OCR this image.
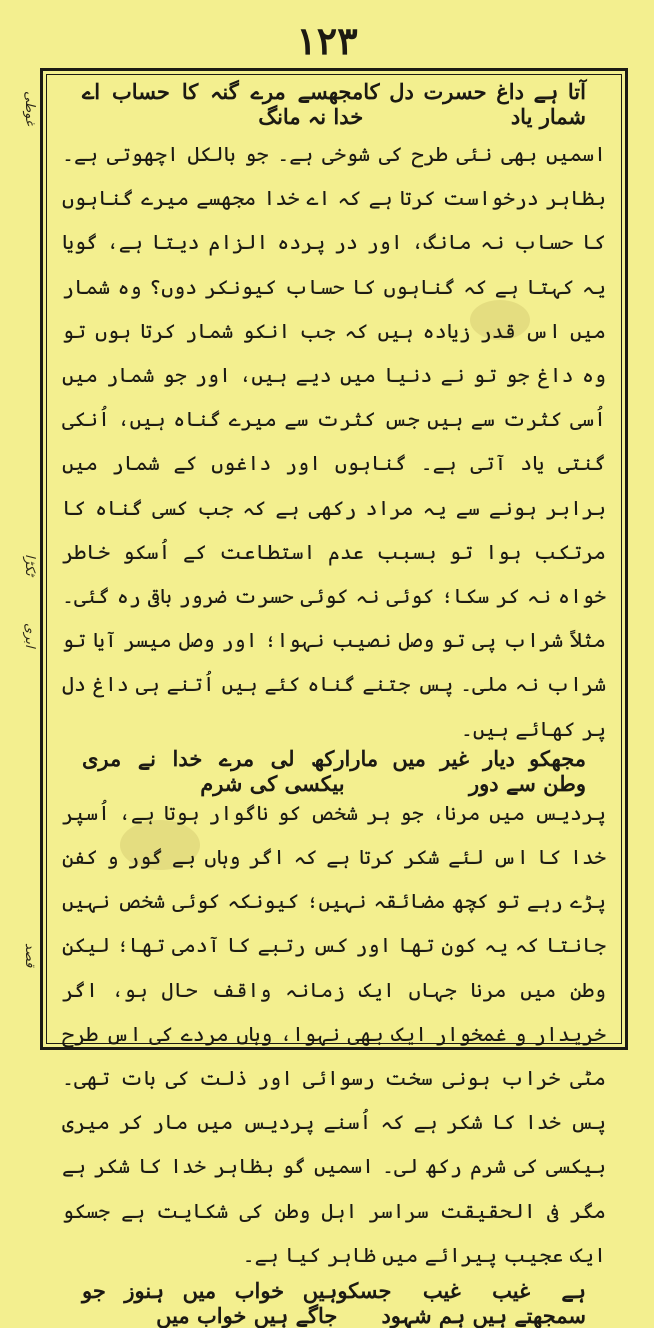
۱۲۳
غوطی
ٹکڑا
ابری
قصد
آتا ہے داغ حسرت دل کا شمار یاد
مجھسے مرے گنہ کا حساب اے خدا نہ مانگ

اسمیں بھی نئی طرح کی شوخی ہے۔ جو بالکل اچھوتی ہے۔ بظاہر درخواست کرتا ہے کہ اے خدا مجھسے میرے گناہوں کا حساب نہ مانگ، اور در پردہ الزام دیتا ہے، گویا یہ کہتا ہے کہ گناہوں کا حساب کیونکر دوں؟ وہ شمار میں اس قدر زیادہ ہیں کہ جب انکو شمار کرتا ہوں تو وہ داغ جو تو نے دنیا میں دیے ہیں، اور جو شمار میں اُسی کثرت سے ہیں جس کثرت سے میرے گناہ ہیں، اُنکی گنتی یاد آتی ہے۔ گناہوں اور داغوں کے شمار میں برابر ہونے سے یہ مراد رکھی ہے کہ جب کسی گناہ کا مرتکب ہوا تو بسبب عدم استطاعت کے اُسکو خاطر خواہ نہ کر سکا؛ کوئی نہ کوئی حسرت ضرور باقی رہ گئی۔ مثلاً شراب پی تو وصل نصیب نہوا؛ اور وصل میسر آیا تو شراب نہ ملی۔ پس جتنے گناہ کئے ہیں اُتنے ہی داغ دل پر کھائے ہیں۔

مجھکو دیار غیر میں مارا وطن سے دور
رکھ لی مرے خدا نے مری بیکسی کی شرم

پردیس میں مرنا، جو ہر شخص کو ناگوار ہوتا ہے، اُسپر خدا کا اس لئے شکر کرتا ہے کہ اگر وہاں بے گور و کفن پڑے رہے تو کچھ مضائقہ نہیں؛ کیونکہ کوئی شخص نہیں جانتا کہ یہ کون تھا اور کس رتبے کا آدمی تھا؛ لیکن وطن میں مرنا جہاں ایک زمانہ واقف حال ہو، اگر خریدار و غمخوار ایک بھی نہوا، وہاں مردے کی اس طرح مٹی خراب ہونی سخت رسوائی اور ذلت کی بات تھی۔ پس خدا کا شکر ہے کہ اُسنے پردیس میں مار کر میری بیکسی کی شرم رکھ لی۔ اسمیں گو بظاہر خدا کا شکر ہے مگر فی الحقیقت سراسر اہل وطن کی شکایت ہے جسکو ایک عجیب پیرائے میں ظاہر کیا ہے۔

ہے غیب غیب جسکو سمجھتے ہیں ہم شہود
ہیں خواب میں ہنوز جو جاگے ہیں خواب میں
